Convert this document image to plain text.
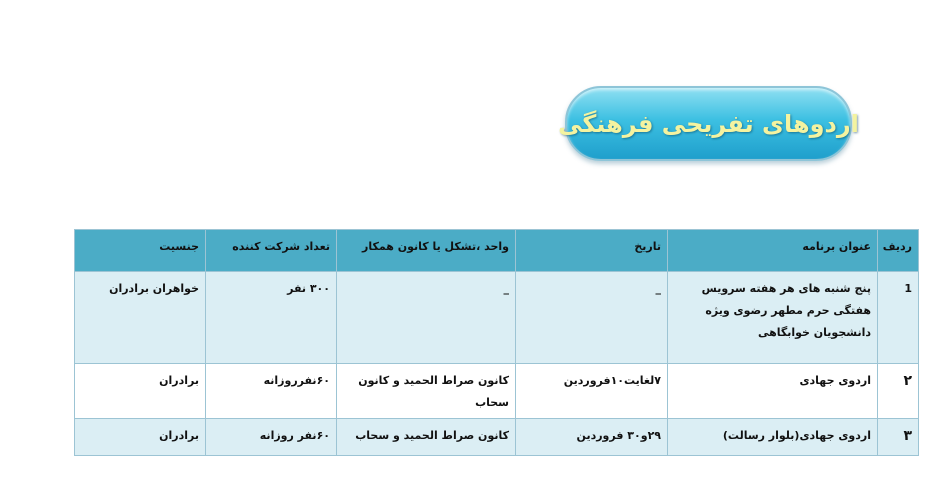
اردوهای تفریحی فرهنگی
ردیف	عنوان برنامه	تاریخ	واحد ،تشکل یا کانون همکار	تعداد شرکت کننده	جنسیت
1	پنج شنبه های هر هفته سرویس هفتگی حرم مطهر رضوی ویژه دانشجویان خوابگاهی	_	_	۳۰۰ نفر	خواهران برادران
۲	اردوی جهادی	۷لغایت۱۰فروردین	کانون صراط الحمید و کانون سحاب	۶۰نفرروزانه	برادران
۳	اردوی جهادی(بلوار رسالت)	۲۹و۳۰ فروردین	کانون صراط الحمید و سحاب	۶۰نفر روزانه	برادران
